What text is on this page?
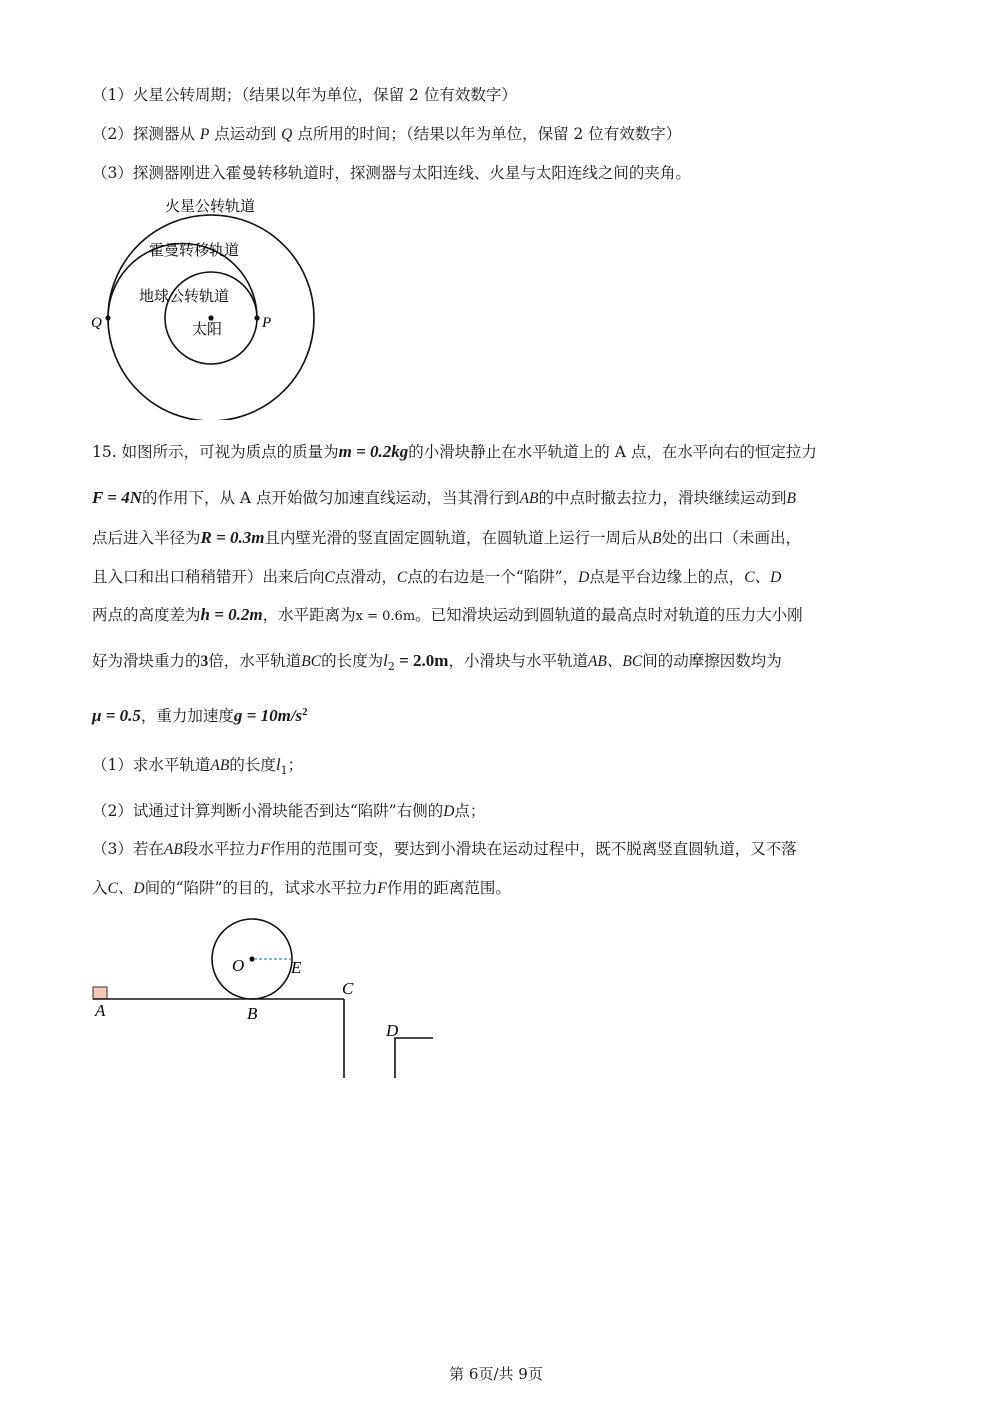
（1）火星公转周期；（结果以年为单位，保留 2 位有效数字）
（2）探测器从 P 点运动到 Q 点所用的时间；（结果以年为单位，保留 2 位有效数字）
（3）探测器刚进入霍曼转移轨道时，探测器与太阳连线、火星与太阳连线之间的夹角。
火星公转轨道
霍曼转移轨道
地球公转轨道
太阳
Q	P
15. 如图所示，可视为质点的质量为m = 0.2kg的小滑块静止在水平轨道上的 A 点，在水平向右的恒定拉力
F = 4N的作用下，从 A 点开始做匀加速直线运动，当其滑行到AB的中点时撤去拉力，滑块继续运动到B
点后进入半径为R = 0.3m且内壁光滑的竖直固定圆轨道，在圆轨道上运行一周后从B处的出口（未画出，
且入口和出口稍稍错开）出来后向C点滑动，C点的右边是一个“陷阱”，D点是平台边缘上的点，C、D
两点的高度差为h = 0.2m，水平距离为x = 0.6m。已知滑块运动到圆轨道的最高点时对轨道的压力大小刚
好为滑块重力的3倍，水平轨道BC的长度为$l_2 = 2.0m$，小滑块与水平轨道AB、BC间的动摩擦因数均为
μ = 0.5，重力加速度$g = 10m/s^2$
（1）求水平轨道AB的长度$l_1$；
（2）试通过计算判断小滑块能否到达“陷阱”右侧的D点；
（3）若在AB段水平拉力F作用的范围可变，要达到小滑块在运动过程中，既不脱离竖直圆轨道，又不落
入C、D间的“陷阱”的目的，试求水平拉力F作用的距离范围。
O	E
A	B
C
D
第 6页/共 9页
